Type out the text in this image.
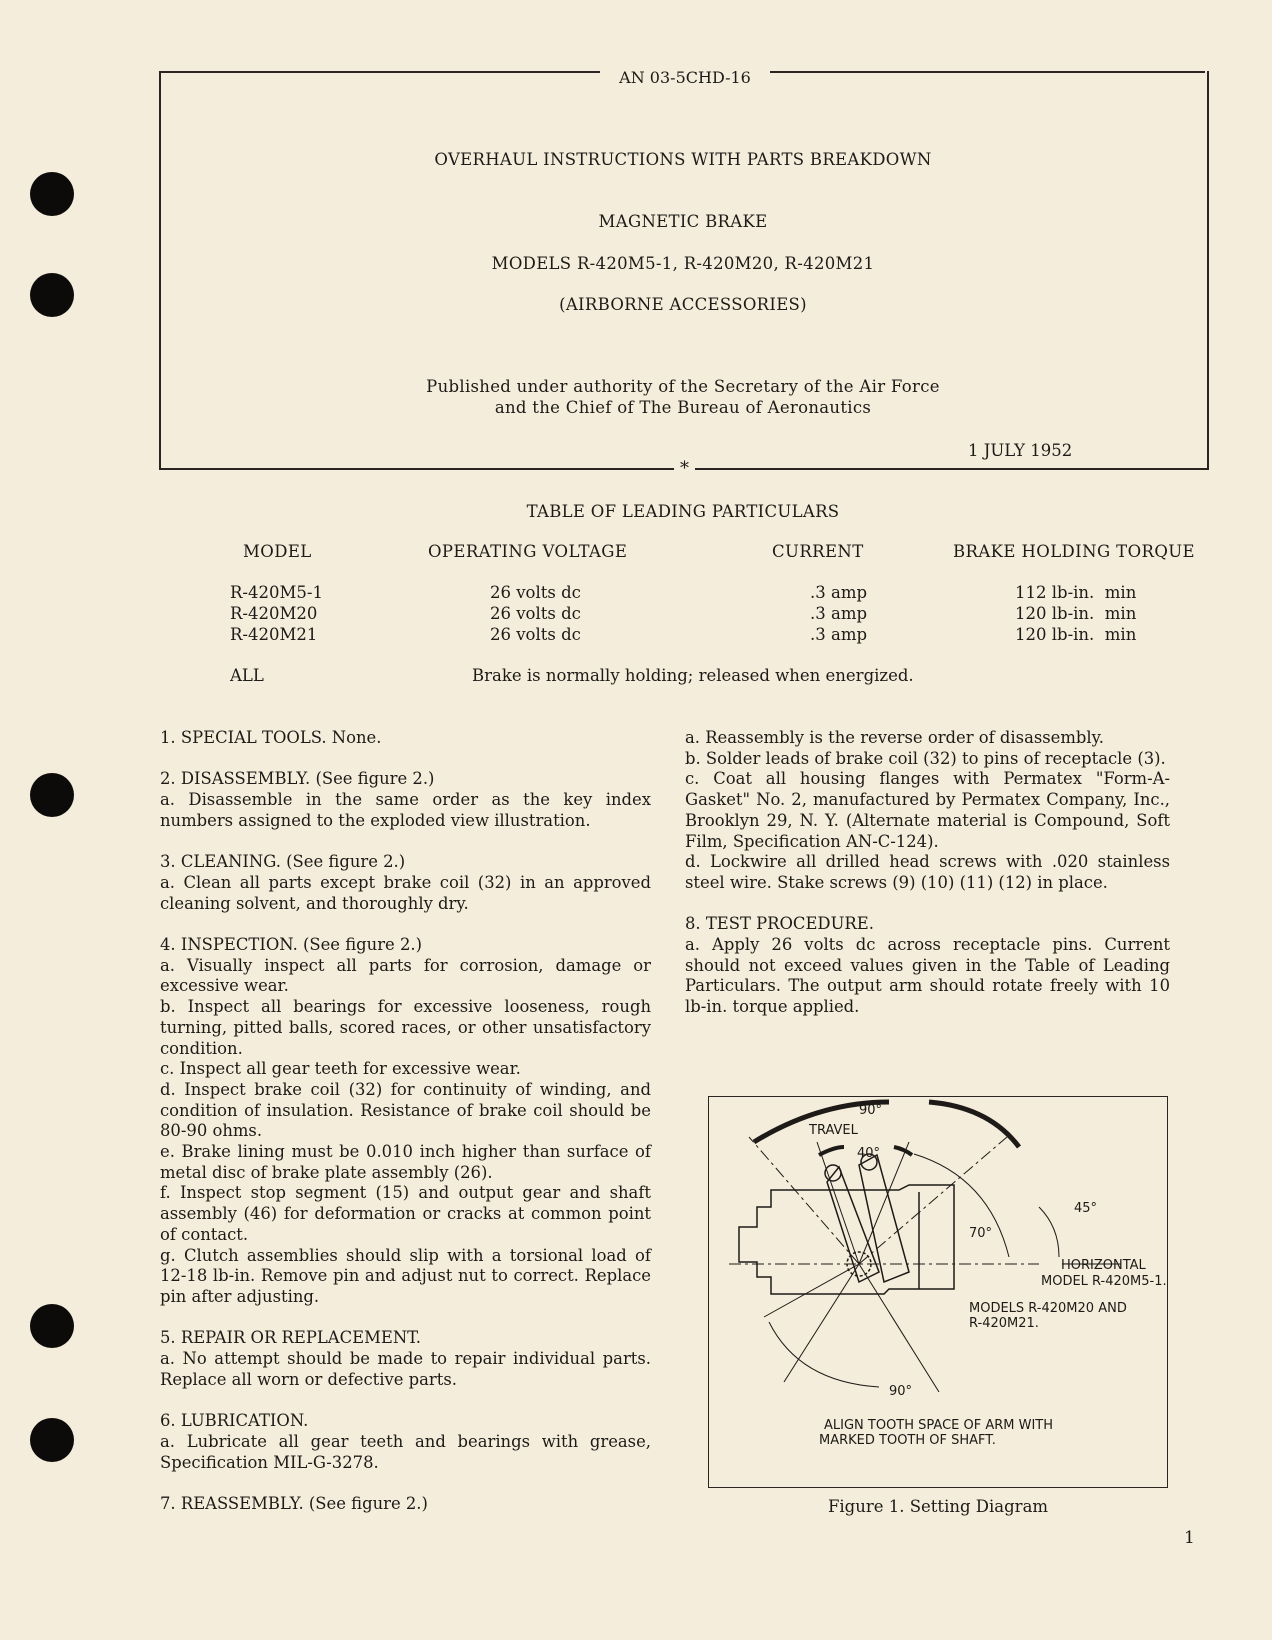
AN 03-5CHD-16
OVERHAUL INSTRUCTIONS WITH PARTS BREAKDOWN
MAGNETIC BRAKE
MODELS R-420M5-1, R-420M20, R-420M21
(AIRBORNE ACCESSORIES)
Published under authority of the Secretary of the Air Force
and the Chief of The Bureau of Aeronautics
1 JULY 1952
*
TABLE OF LEADING PARTICULARS
MODEL	OPERATING VOLTAGE	CURRENT	BRAKE HOLDING TORQUE
R-420M5-1	26 volts dc	.3 amp	112 lb-in.  min
R-420M20	26 volts dc	.3 amp	120 lb-in.  min
R-420M21	26 volts dc	.3 amp	120 lb-in.  min
ALL	Brake is normally holding; released when energized.

1. SPECIAL TOOLS. None.

2. DISASSEMBLY. (See figure 2.)

a. Disassemble in the same order as the key index numbers assigned to the exploded view illustration.

3. CLEANING. (See figure 2.)

a. Clean all parts except brake coil (32) in an approved cleaning solvent, and thoroughly dry.

4. INSPECTION. (See figure 2.)

a. Visually inspect all parts for corrosion, damage or excessive wear.

b. Inspect all bearings for excessive looseness, rough turning, pitted balls, scored races, or other unsatisfactory condition.

c. Inspect all gear teeth for excessive wear.

d. Inspect brake coil (32) for continuity of winding, and condition of insulation. Resistance of brake coil should be 80-90 ohms.

e. Brake lining must be 0.010 inch higher than surface of metal disc of brake plate assembly (26).

f. Inspect stop segment (15) and output gear and shaft assembly (46) for deformation or cracks at common point of contact.

g. Clutch assemblies should slip with a torsional load of 12-18 lb-in. Remove pin and adjust nut to correct. Replace pin after adjusting.

5. REPAIR OR REPLACEMENT.

a. No attempt should be made to repair individual parts. Replace all worn or defective parts.

6. LUBRICATION.

a. Lubricate all gear teeth and bearings with grease, Specification MIL-G-3278.

7. REASSEMBLY. (See figure 2.)

a. Reassembly is the reverse order of disassembly.

b. Solder leads of brake coil (32) to pins of receptacle (3).

c. Coat all housing flanges with Permatex "Form-A-Gasket" No. 2, manufactured by Permatex Company, Inc., Brooklyn 29, N. Y. (Alternate material is Compound, Soft Film, Specification AN-C-124).

d. Lockwire all drilled head screws with .020 stainless steel wire. Stake screws (9) (10) (11) (12) in place.

8. TEST PROCEDURE.

a. Apply 26 volts dc across receptacle pins. Current should not exceed values given in the Table of Leading Particulars. The output arm should rotate freely with 10 lb-in. torque applied.

90°
TRAVEL
40°
45°
70°
90°
HORIZONTAL
MODEL R-420M5-1.
MODELS R-420M20 AND
R-420M21.
ALIGN TOOTH SPACE OF ARM WITH
MARKED TOOTH OF SHAFT.
Figure 1. Setting Diagram
1
